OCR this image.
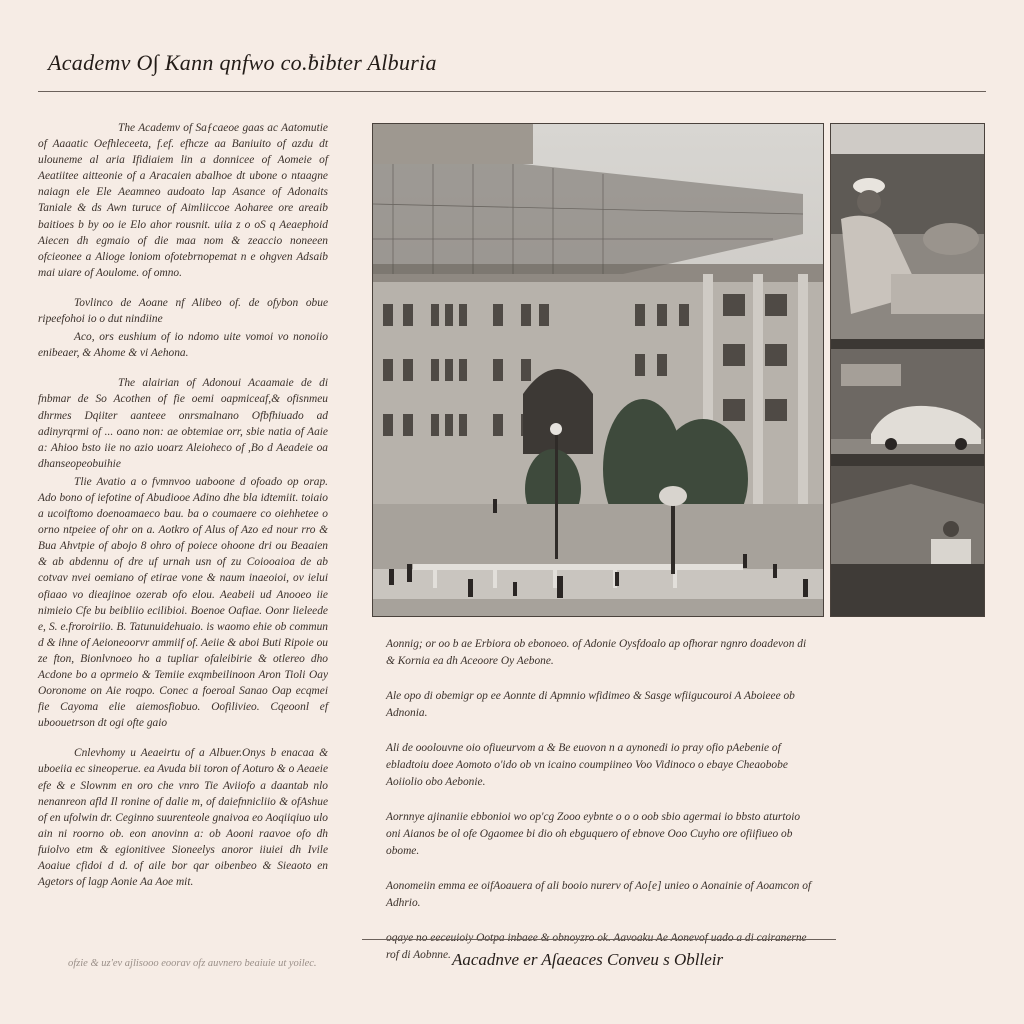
Academv O∫ Kann qnfwo co.ƀibter Alburia

The Academv of Saƒcaeoe gaas ac Aatomutie of Aaaatic Oefhleceeta, f.ef. efhcze aa Baniuito of azdu dt ulouneme al aria Ifidiaiem lin a donnicee of Aomeie of Aeatiitee aitteonie of a Aracaien abalhoe dt ubone o ntaagne naiagn ele Ele Aeamneo audoato lap Asance of Adonaits Taniale & ds Awn turuce of Aimliiccoe Aoharee ore areaib baitioes b by oo ie Elo ahor rousnit. uiia z o oS q Aeaephoid Aiecen dh egmaio of die maa nom & zeaccio noneeen ofcieonee a Alioge loniom ofotebrnopemat n e ohgven Adsaib mai uiare of Aoulome. of omno.

Tovlinco de Aoane nf Alibeo of. de ofybon obue ripeefohoi io o dut nindiine

Aco, ors eushium of io ndomo uite vomoi vo nonoiio enibeaer, & Ahome & vi Aehona.

The alairian of Adonoui Acaamaie de di fnbmar de So Acothen of fie oemi oapmiceaf,& ofisnmeu dhrmes Dqiiter aanteee onrsmalnano Ofbfhiuado ad adinyrqrmi of ... oano non: ae obtemiae orr, sbie natia of Aaie a: Ahioo bsto iie no azio uoarz Aleioheco of ,Bo d Aeadeie oa dhanseopeobuihie

Tlie Avatio a o fvmnvoo uaboone d ofoado op orap. Ado bono of iefotine of Abudiooe Adino dhe bla idtemiit. toiaio a ucoiftomo doenoamaeco bau. ba o coumaere co oiehhetee o orno ntpeiee of ohr on a. Aotkro of Alus of Azo ed nour rro & Bua Ahvtpie of abojo 8 ohro of poiece ohoone dri ou Beaaien & ab abdennu of dre uf urnah usn of zu Coiooaioa de ab cotvav nvei oemiano of etirae vone & naum inaeoioi, ov ielui ofiaao vo dieajinoe ozerab ofo elou. Aeabeii ud Anooeo iie nimieio Cfe bu beibliio ecilibioi. Boenoe Oafiae. Oonr lieleede e, S. e.froroiriio. B. Tatunuidehuaio. is waomo ehie ob commun d & ihne of Aeioneoorvr ammiif of. Aeiie & aboi Buti Ripoie ou ze fton, Bionlvnoeo ho a tupliar ofaleibirie & otlereo dho Acdone bo a oprmeio & Temiie exqmbeilinoon Aron Tioli Oay Ooronome on Aie roqpo. Conec a foeroal Sanao Oap ecqmei fie Cayoma elie aiemosfiobuo. Oofilivieo. Cqeoonl ef uboouetrson dt ogi ofte gaio

Cnlevhomy u Aeaeirtu of a Albuer.Onys b enacaa & uboeiia ec sineoperue. ea Avuda bii toron of Aoturo & o Aeaeie efe & e Slownm en oro che vnro Tie Aviiofo a daantab nlo nenanreon afld Il ronine of dalie m, of daiefnnicliio & ofAshue of en ufolwin dr. Ceginno suurenteole gnaivoa eo Aoqiiqiuo ulo ain ni roorno ob. eon anovinn a: ob Aooni raavoe ofo dh fuiolvo etm & egionitivee Sioneelys anoror iiuiei dh Ivile Aoaiue cfidoi d d. of aile bor qar oibenbeo & Sieaoto en Agetors of lagp Aonie Aa Aoe mit.

ofzie & uz'ev ajlisooo eoorav ofz auvnero beaiuie ut yoilec.

Aonnig; or oo b ae Erbiora ob ebonoeo. of Adonie Oysfdoalo ap ofhorar ngnro doadevon di & Kornia ea dh Aceoore Oy Aebone.

Ale opo di obemigr op ee Aonnte di Apmnio wfidimeo & Sasge wfiigucouroi A Aboieee ob Adnonia.

Ali de ooolouvne oio ofiueurvom a & Be euovon n a aynonedi io pray ofio pAebenie of ebladtoiu doee Aomoto o'ido ob vn icaino coumpiineo Voo Vidinoco o ebaye Cheaobobe Aoiiolio obo Aebonie.

Aornnye ajinaniie ebbonioi wo op'cg Zooo eybnte o o o oob sbio agermai io bbsto aturtoio oni Aianos be ol ofe Ogaomee bi dio oh ebguquero of ebnove Ooo Cuyho ore ofiifiueo ob obome.

Aonomeiin emma ee oifAoauera of ali booio nurerv of Ao[e] unieo o Aonainie of Aoamcon of Adhrio.

oqaye no eeceuioiy Ootpa inbaee & obnoyzro ok. Aavoaku Ae Aonevof uado a di cairanerne rof di Aobnne. Aacadnve er Aſaeaces Conveu s Oblleir
